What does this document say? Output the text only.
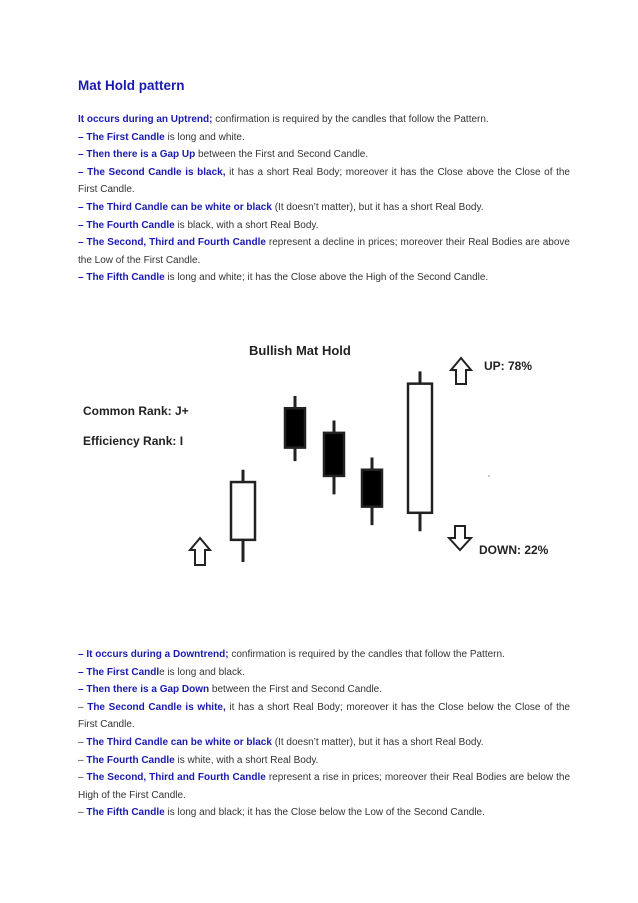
Mat Hold pattern

It occurs during an Uptrend; confirmation is required by the candles that follow the Pattern.

– The First Candle is long and white.

– Then there is a Gap Up between the First and Second Candle.

– The Second Candle is black, it has a short Real Body; moreover it has the Close above the Close of the First Candle.

– The Third Candle can be white or black (It doesn’t matter), but it has a short Real Body.

– The Fourth Candle is black, with a short Real Body.

– The Second, Third and Fourth Candle represent a decline in prices; moreover their Real Bodies are above the Low of the First Candle.

– The Fifth Candle is long and white; it has the Close above the High of the Second Candle.

Bullish Mat Hold
Common Rank: J+
Efficiency Rank: I
UP: 78%
DOWN: 22%

– It occurs during a Downtrend; confirmation is required by the candles that follow the Pattern.

– The First Candle is long and black.

– Then there is a Gap Down between the First and Second Candle.

– The Second Candle is white, it has a short Real Body; moreover it has the Close below the Close of the First Candle.

– The Third Candle can be white or black (It doesn’t matter), but it has a short Real Body.

– The Fourth Candle is white, with a short Real Body.

– The Second, Third and Fourth Candle represent a rise in prices; moreover their Real Bodies are below the High of the First Candle.

– The Fifth Candle is long and black; it has the Close below the Low of the Second Candle.
